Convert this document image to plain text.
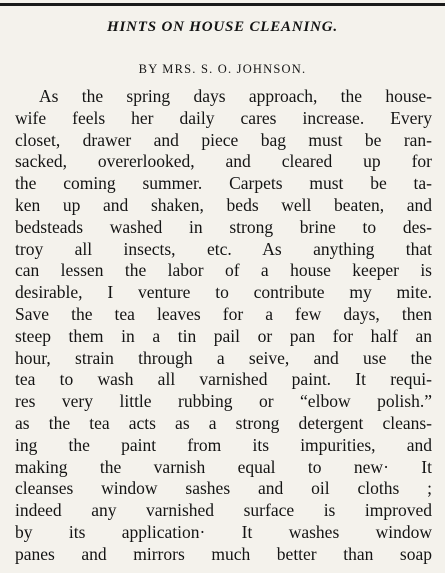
HINTS ON HOUSE CLEANING.
BY MRS. S. O. JOHNSON.
As the spring days approach, the house-
wife feels her daily cares increase. Every
closet, drawer and piece bag must be ran-
sacked, overerlooked, and cleared up for
the coming summer. Carpets must be ta-
ken up and shaken, beds well beaten, and
bedsteads washed in strong brine to des-
troy all insects, etc. As anything that
can lessen the labor of a house keeper is
desirable, I venture to contribute my mite.
Save the tea leaves for a few days, then
steep them in a tin pail or pan for half an
hour, strain through a seive, and use the
tea to wash all varnished paint. It requi-
res very little rubbing or “elbow polish.”
as the tea acts as a strong detergent cleans-
ing the paint from its impurities, and
making the varnish equal to new· It
cleanses window sashes and oil cloths ;
indeed any varnished surface is improved
by its application· It washes window
panes and mirrors much better than soap
